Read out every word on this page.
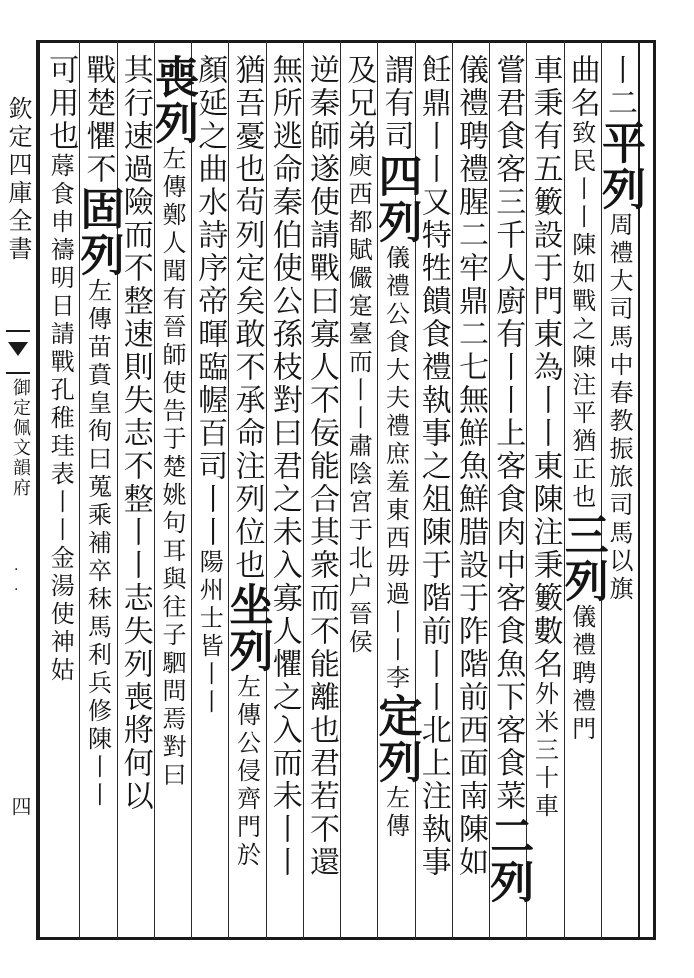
欽定四庫全書
御定佩文韻府
·
·
四
丨二平列周禮大司馬中春教振旅司馬以旗
曲名致民丨丨陳如戰之陳注平猶正也三列儀禮聘禮門
車秉有五籔設于門東為丨丨東陳注秉籔數名外米三十車
嘗君食客三千人廚有丨丨上客食肉中客食魚下客食菜二列
儀禮聘禮腥二牢鼎二七無鮮魚鮮腊設于阼階前西面南陳如
飪鼎丨丨又特牲饋食禮執事之俎陳于階前丨丨北上注執事
謂有司四列儀禮公食大夫禮庶羞東西毋過丨丨李定列左傳
及兄弟庾西都賦儼寔臺而丨丨肅陰宮于北户晉侯
逆秦師遂使請戰曰寡人不佞能合其衆而不能離也君若不還
無所逃命秦伯使公孫枝對曰君之未入寡人懼之入而未丨丨
猶吾憂也茍列定矣敢不承命注列位也坐列左傳公侵齊門於
顏延之曲水詩序帝暉臨幄百司丨丨陽州士皆丨丨
喪列左傳鄭人聞有晉師使告于楚姚句耳與往子駟問焉對曰
其行速過險而不整速則失志不整丨丨志失列喪將何以
戰楚懼不固列左傳苗賁皇徇曰蒐乘補卒秣馬利兵修陳丨丨
可用也蓐食申禱明日請戰孔稚珪表丨丨金湯使神姑
